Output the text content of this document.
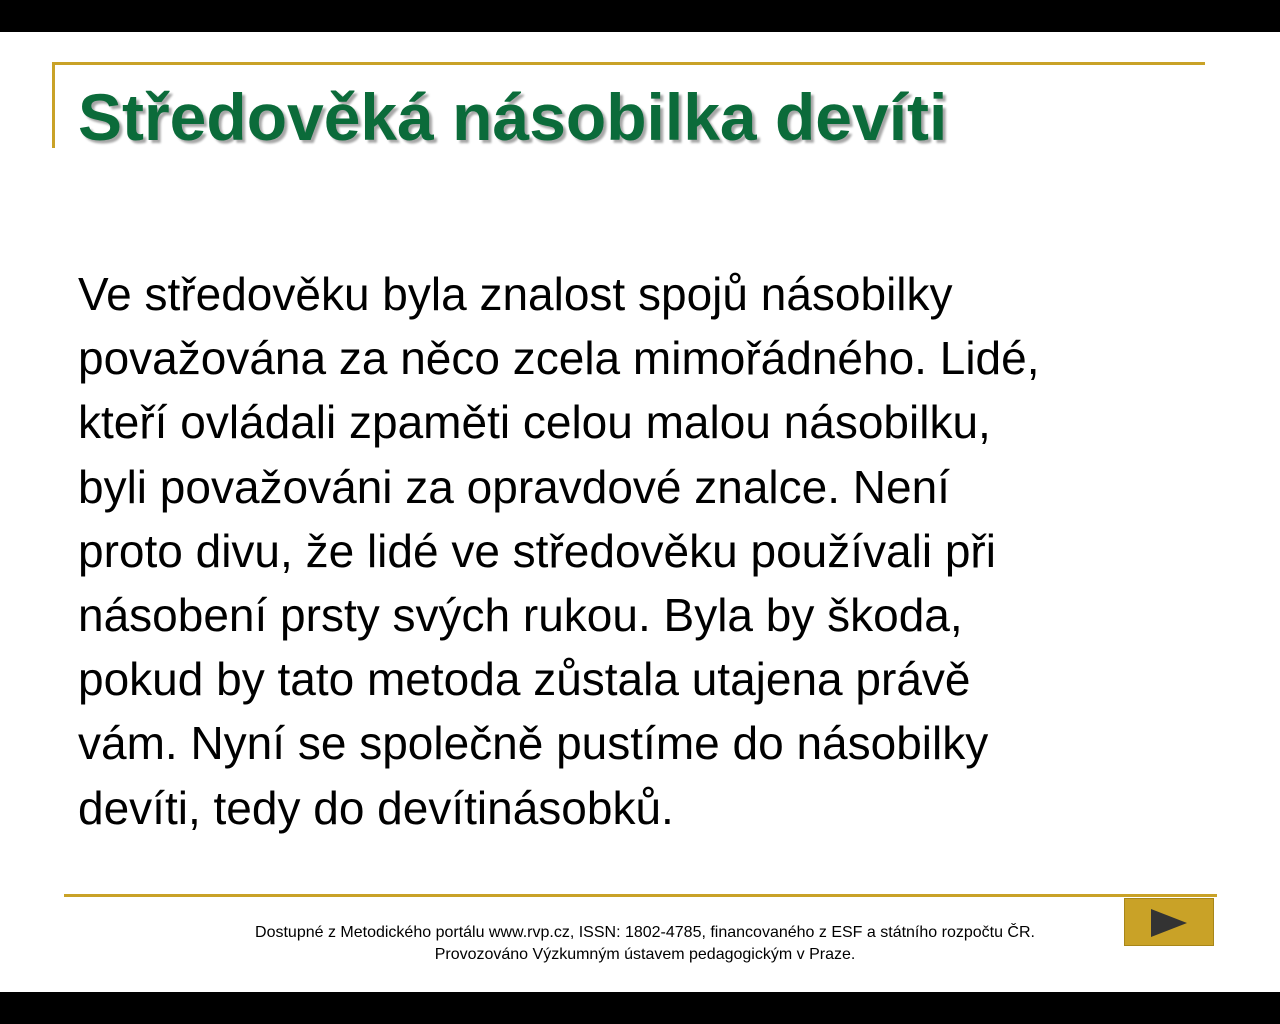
Středověká násobilka devíti
Ve středověku byla znalost spojů násobilky
považována za něco zcela mimořádného. Lidé,
kteří ovládali zpaměti celou malou násobilku,
byli považováni za opravdové znalce. Není
proto divu, že lidé ve středověku používali při
násobení prsty svých rukou. Byla by škoda,
pokud by tato metoda zůstala utajena právě
vám. Nyní se společně pustíme do násobilky
devíti, tedy do devítinásobků.
Dostupné z Metodického portálu www.rvp.cz, ISSN: 1802-4785, financovaného z ESF a státního rozpočtu ČR.
Provozováno Výzkumným ústavem pedagogickým v Praze.
